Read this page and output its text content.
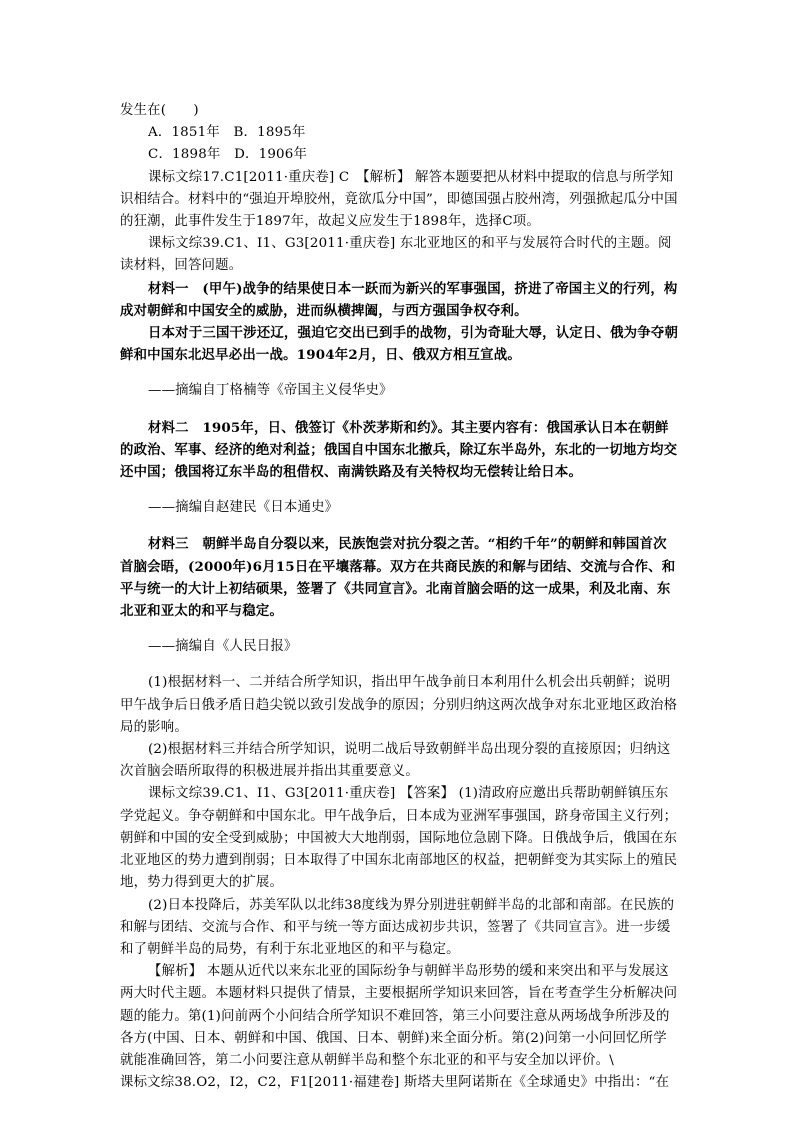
发生在(　　)

A．1851年　B．1895年

C．1898年　D．1906年

课标文综17.C1[2011·重庆卷] C　【解析】 解答本题要把从材料中提取的信息与所学知识相结合。材料中的“强迫开埠胶州，竟欲瓜分中国”，即德国强占胶州湾，列强掀起瓜分中国的狂潮，此事件发生于1897年，故起义应发生于1898年，选择C项。

课标文综39.C1、I1、G3[2011·重庆卷] 东北亚地区的和平与发展符合时代的主题。阅读材料，回答问题。

材料一　(甲午)战争的结果使日本一跃而为新兴的军事强国，挤进了帝国主义的行列，构成对朝鲜和中国安全的威胁，进而纵横捭阖，与西方强国争权夺利。

日本对于三国干涉还辽，强迫它交出已到手的战物，引为奇耻大辱，认定日、俄为争夺朝鲜和中国东北迟早必出一战。1904年2月，日、俄双方相互宣战。

——摘编自丁格楠等《帝国主义侵华史》

材料二　1905年，日、俄签订《朴茨茅斯和约》。其主要内容有：俄国承认日本在朝鲜的政治、军事、经济的绝对利益；俄国自中国东北撤兵，除辽东半岛外，东北的一切地方均交还中国；俄国将辽东半岛的租借权、南满铁路及有关特权均无偿转让给日本。

——摘编自赵建民《日本通史》

材料三　朝鲜半岛自分裂以来，民族饱尝对抗分裂之苦。“相约千年”的朝鲜和韩国首次首脑会晤，(2000年)6月15日在平壤落幕。双方在共商民族的和解与团结、交流与合作、和平与统一的大计上初结硕果，签署了《共同宣言》。北南首脑会晤的这一成果，利及北南、东北亚和亚太的和平与稳定。

——摘编自《人民日报》

(1)根据材料一、二并结合所学知识，指出甲午战争前日本利用什么机会出兵朝鲜；说明甲午战争后日俄矛盾日趋尖锐以致引发战争的原因；分别归纳这两次战争对东北亚地区政治格局的影响。

(2)根据材料三并结合所学知识，说明二战后导致朝鲜半岛出现分裂的直接原因；归纳这次首脑会晤所取得的积极进展并指出其重要意义。

课标文综39.C1、I1、G3[2011·重庆卷] 【答案】 (1)清政府应邀出兵帮助朝鲜镇压东学党起义。争夺朝鲜和中国东北。甲午战争后，日本成为亚洲军事强国，跻身帝国主义行列；朝鲜和中国的安全受到威胁；中国被大大地削弱，国际地位急剧下降。日俄战争后，俄国在东北亚地区的势力遭到削弱；日本取得了中国东北南部地区的权益，把朝鲜变为其实际上的殖民地，势力得到更大的扩展。

(2)日本投降后，苏美军队以北纬38度线为界分别进驻朝鲜半岛的北部和南部。在民族的和解与团结、交流与合作、和平与统一等方面达成初步共识，签署了《共同宣言》。进一步缓和了朝鲜半岛的局势，有利于东北亚地区的和平与稳定。

【解析】 本题从近代以来东北亚的国际纷争与朝鲜半岛形势的缓和来突出和平与发展这两大时代主题。本题材料只提供了情景，主要根据所学知识来回答，旨在考查学生分析解决问题的能力。第(1)问前两个小问结合所学知识不难回答，第三小问要注意从两场战争所涉及的各方(中国、日本、朝鲜和中国、俄国、日本、朝鲜)来全面分析。第(2)问第一小问回忆所学就能准确回答，第二小问要注意从朝鲜半岛和整个东北亚的和平与安全加以评价。\

课标文综38.O2，I2，C2，F1[2011·福建卷] 斯塔夫里阿诺斯在《全球通史》中指出：“在
